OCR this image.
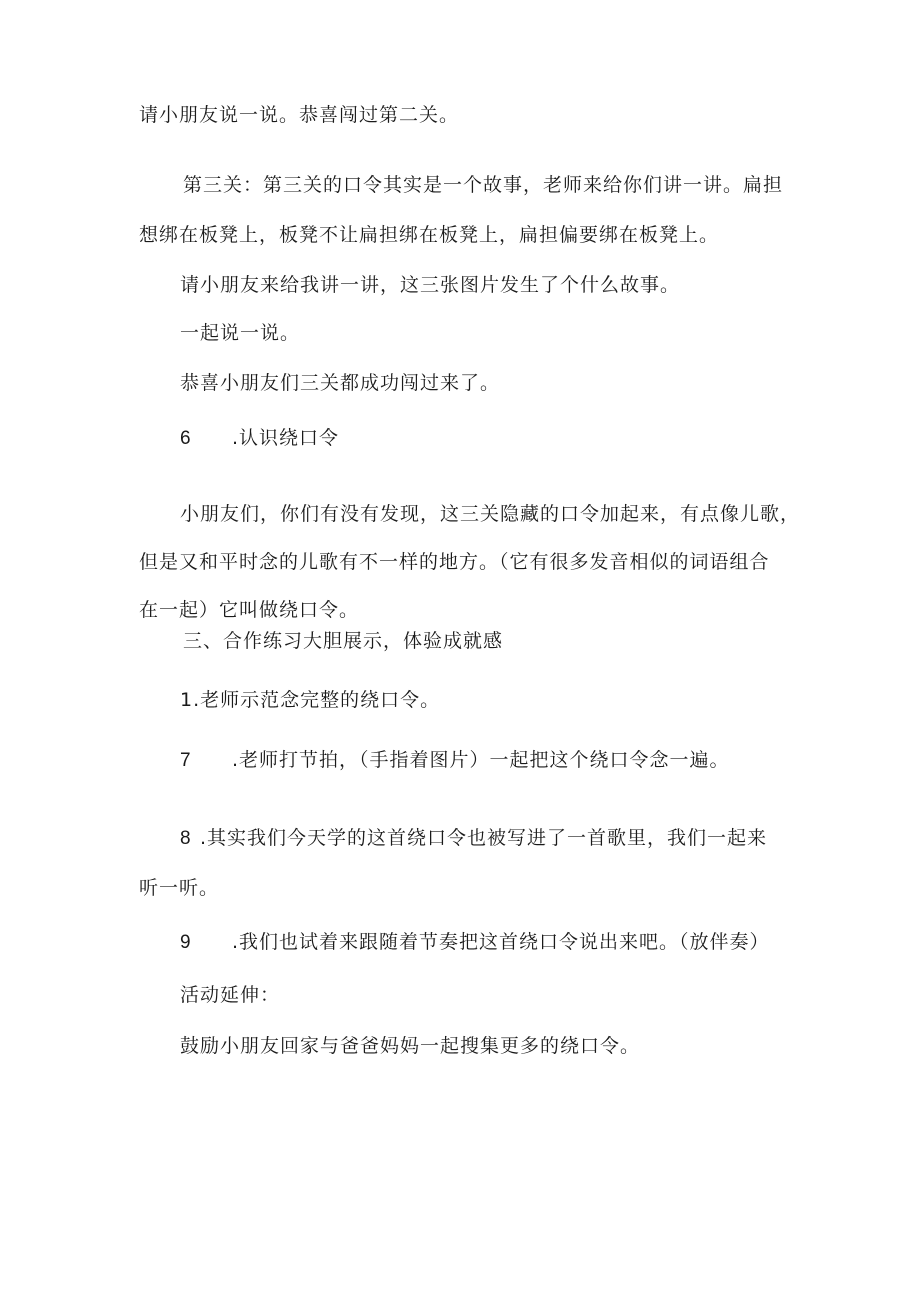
请小朋友说一说。恭喜闯过第二关。
第三关：第三关的口令其实是一个故事，老师来给你们讲一讲。扁担
想绑在板凳上，板凳不让扁担绑在板凳上，扁担偏要绑在板凳上。
请小朋友来给我讲一讲，这三张图片发生了个什么故事。
一起说一说。
恭喜小朋友们三关都成功闯过来了。
6 .认识绕口令
小朋友们，你们有没有发现，这三关隐藏的口令加起来，有点像儿歌，
但是又和平时念的儿歌有不一样的地方。（它有很多发音相似的词语组合
在一起）它叫做绕口令。
三、合作练习大胆展示，体验成就感
1.老师示范念完整的绕口令。
7 .老师打节拍，（手指着图片）一起把这个绕口令念一遍。
8 .其实我们今天学的这首绕口令也被写进了一首歌里，我们一起来
听一听。
9 .我们也试着来跟随着节奏把这首绕口令说出来吧。（放伴奏）
活动延伸：
鼓励小朋友回家与爸爸妈妈一起搜集更多的绕口令。
